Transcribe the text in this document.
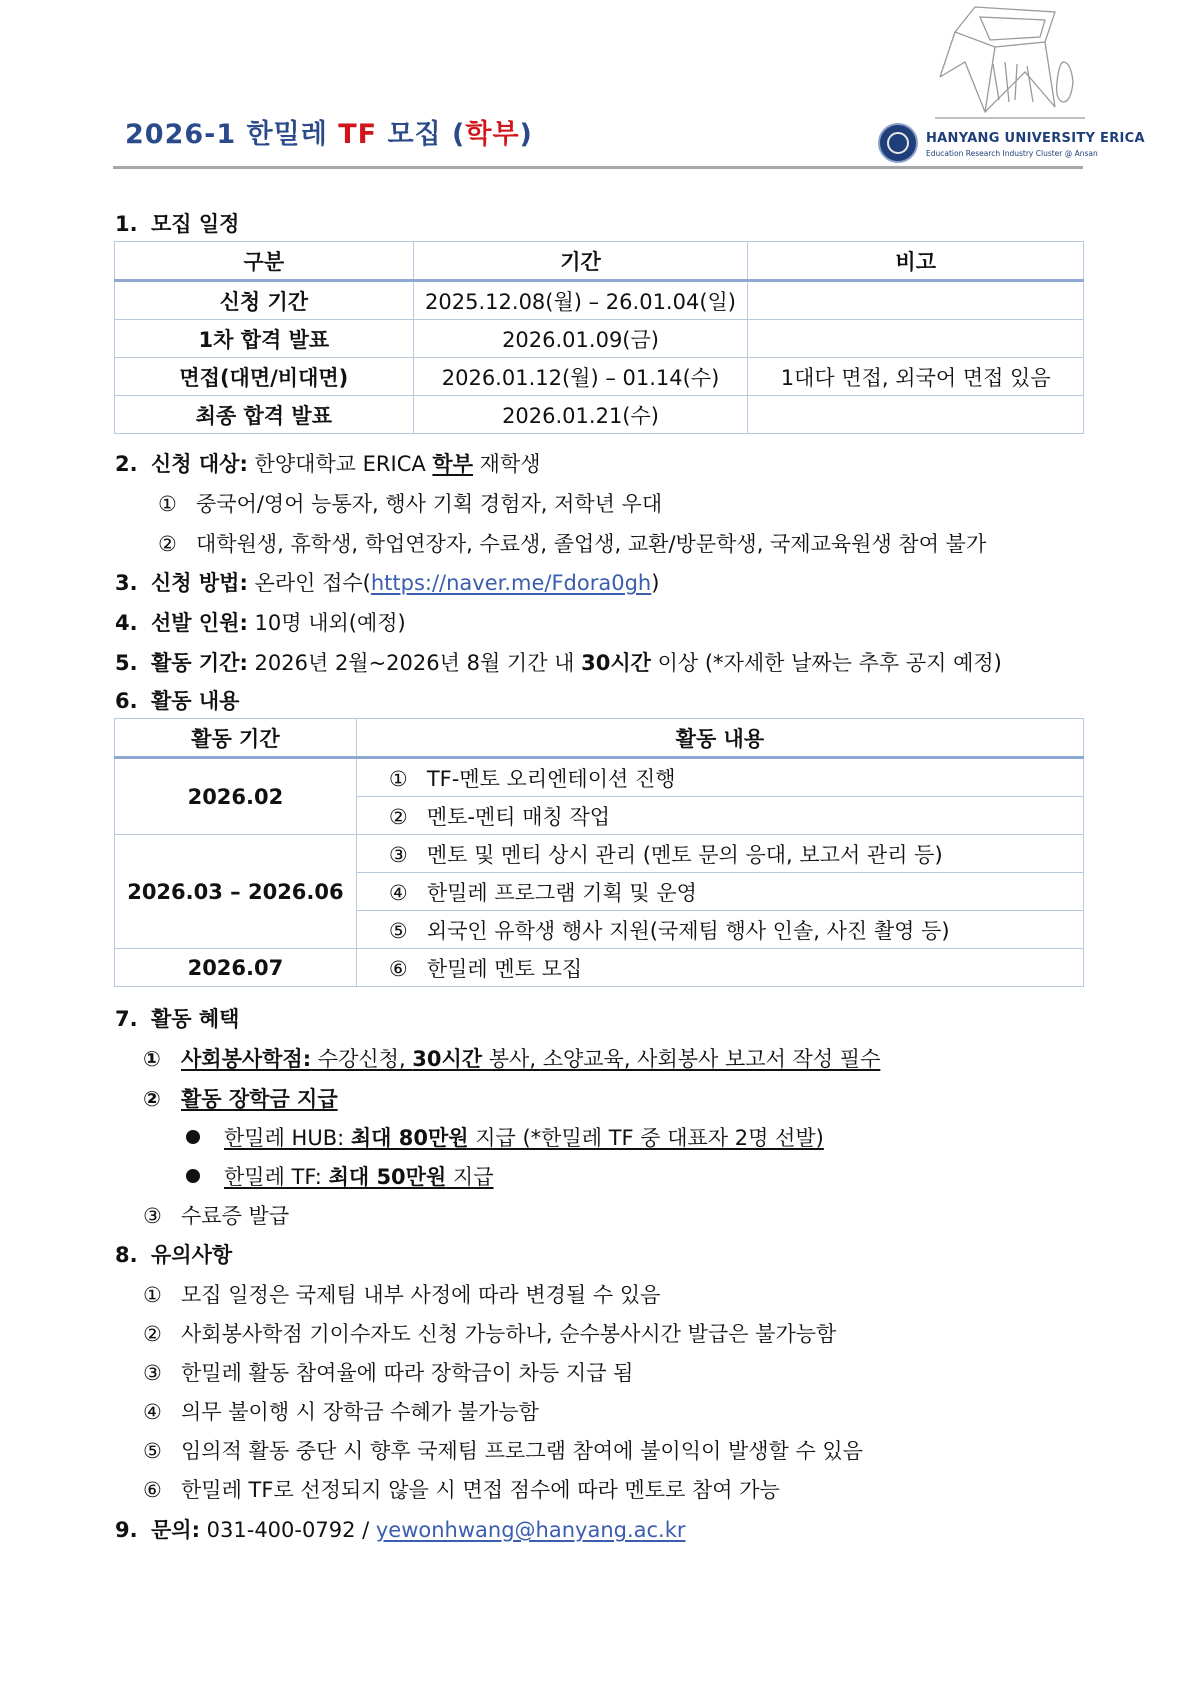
2026-1 한밀레 TF 모집 (학부)	HANYANG UNIVERSITY ERICA
Education Research Industry Cluster @ Ansan
1. 모집 일정
구분	기간	비고
신청 기간	2025.12.08(월) – 26.01.04(일)	
1차 합격 발표	2026.01.09(금)	
면접(대면/비대면)	2026.01.12(월) – 01.14(수)	1대다 면접, 외국어 면접 있음
최종 합격 발표	2026.01.21(수)	
2. 신청 대상: 한양대학교 ERICA 학부 재학생
① 중국어/영어 능통자, 행사 기획 경험자, 저학년 우대
② 대학원생, 휴학생, 학업연장자, 수료생, 졸업생, 교환/방문학생, 국제교육원생 참여 불가
3. 신청 방법: 온라인 접수(https://naver.me/Fdora0gh)
4. 선발 인원: 10명 내외(예정)
5. 활동 기간: 2026년 2월~2026년 8월 기간 내 30시간 이상 (*자세한 날짜는 추후 공지 예정)
6. 활동 내용
활동 기간	활동 내용
2026.02	① TF-멘토 오리엔테이션 진행
	② 멘토-멘티 매칭 작업
2026.03 – 2026.06	③ 멘토 및 멘티 상시 관리 (멘토 문의 응대, 보고서 관리 등)
	④ 한밀레 프로그램 기획 및 운영
	⑤ 외국인 유학생 행사 지원(국제팀 행사 인솔, 사진 촬영 등)
2026.07	⑥ 한밀레 멘토 모집
7. 활동 혜택
① 사회봉사학점: 수강신청, 30시간 봉사, 소양교육, 사회봉사 보고서 작성 필수
② 활동 장학금 지급
한밀레 HUB: 최대 80만원 지급 (*한밀레 TF 중 대표자 2명 선발)
한밀레 TF: 최대 50만원 지급
③ 수료증 발급
8. 유의사항
① 모집 일정은 국제팀 내부 사정에 따라 변경될 수 있음
② 사회봉사학점 기이수자도 신청 가능하나, 순수봉사시간 발급은 불가능함
③ 한밀레 활동 참여율에 따라 장학금이 차등 지급 됨
④ 의무 불이행 시 장학금 수혜가 불가능함
⑤ 임의적 활동 중단 시 향후 국제팀 프로그램 참여에 불이익이 발생할 수 있음
⑥ 한밀레 TF로 선정되지 않을 시 면접 점수에 따라 멘토로 참여 가능
9. 문의: 031-400-0792 / yewonhwang@hanyang.ac.kr
